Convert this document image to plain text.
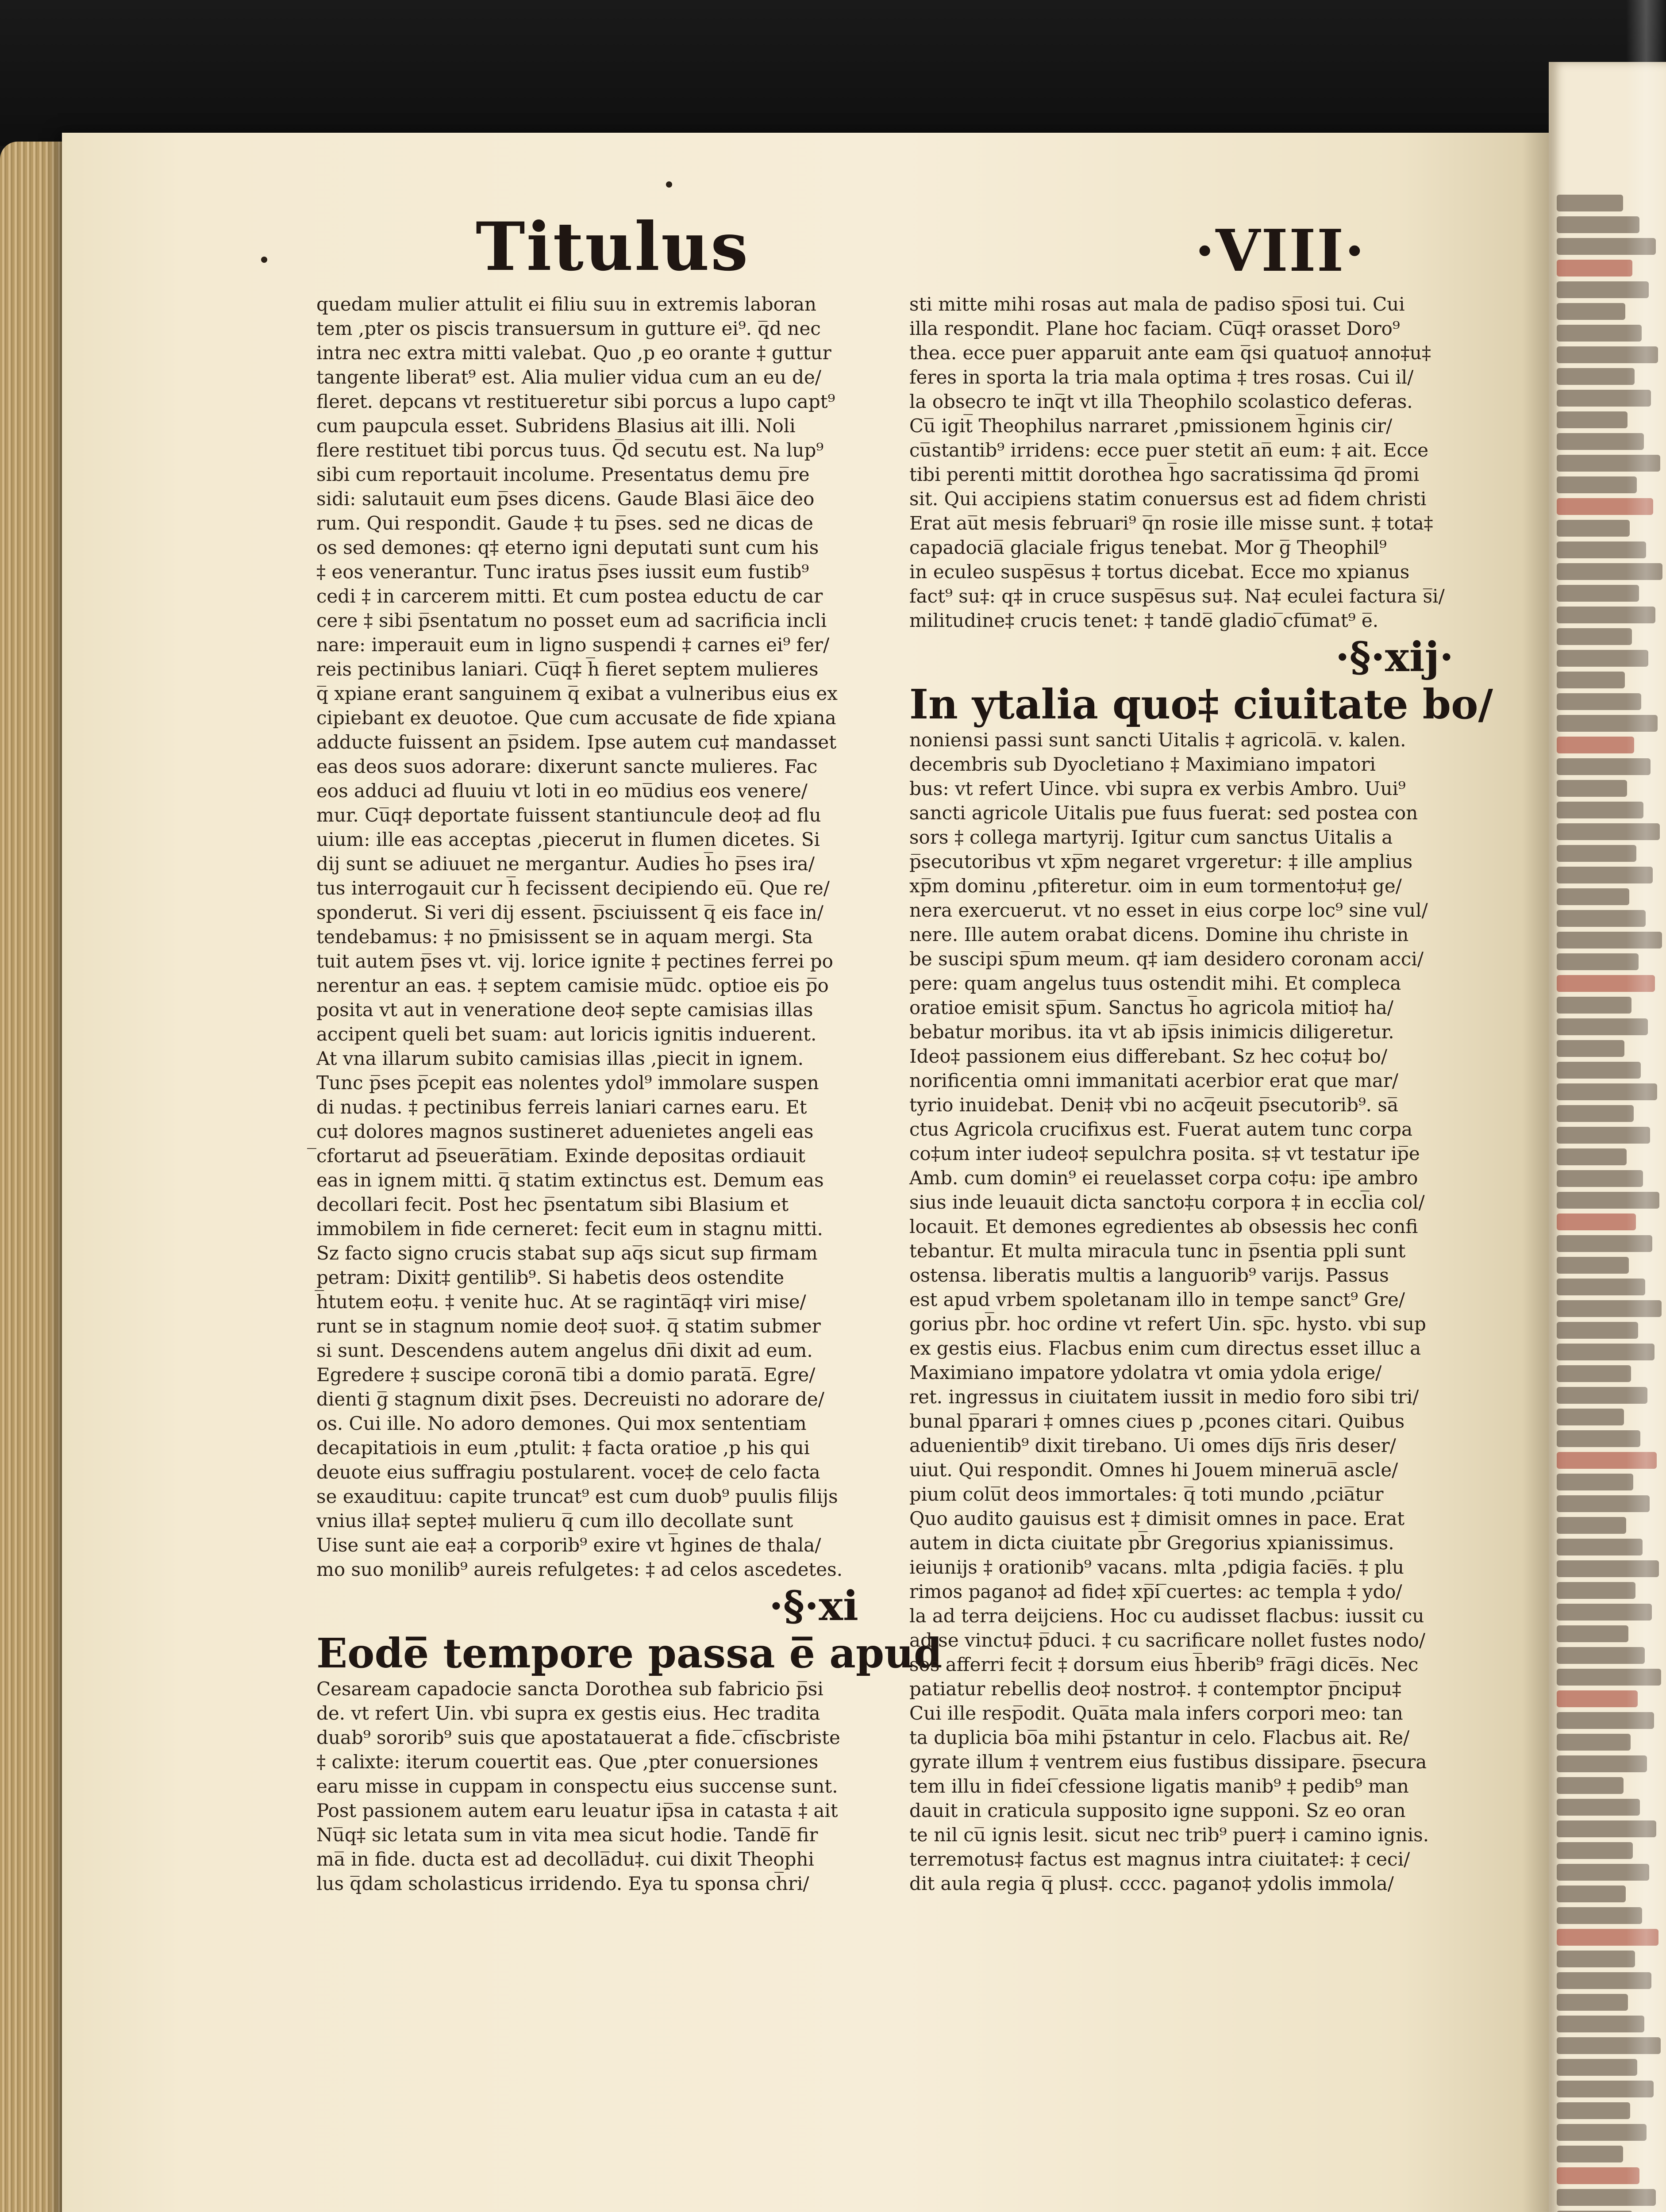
Titulus	·VIII·
quedam mulier attulit ei filiu suu in extremis laboran
tem ,pter os piscis transuersum in gutture ei⁹. q̅d nec
intra nec extra mitti valebat. Quo ,p eo orante ‡ guttur
tangente liberat⁹ est. Alia mulier vidua cum an eu de/
fleret. depcans vt restitueretur sibi porcus a lupo capt⁹
cum paupcula esset. Subridens Blasius ait illi. Noli
flere restituet tibi porcus tuus. Q̅d secutu est. Na lup⁹
sibi cum reportauit incolume. Presentatus demu p̅re
sidi: salutauit eum p̅ses dicens. Gaude Blasi a̅ice deo
rum. Qui respondit. Gaude ‡ tu p̅ses. sed ne dicas de
os sed demones: q‡ eterno igni deputati sunt cum his
‡ eos venerantur. Tunc iratus p̅ses iussit eum fustib⁹
cedi ‡ in carcerem mitti. Et cum postea eductu de car
cere ‡ sibi p̅sentatum no posset eum ad sacrificia incli
nare: imperauit eum in ligno suspendi ‡ carnes ei⁹ fer/
reis pectinibus laniari. Cu̅q‡ h̅ fieret septem mulieres
q̅ xpiane erant sanguinem q̅ exibat a vulneribus eius ex
cipiebant ex deuotoe. Que cum accusate de fide xpiana
adducte fuissent an p̅sidem. Ipse autem cu‡ mandasset
eas deos suos adorare: dixerunt sancte mulieres. Fac
eos adduci ad fluuiu vt loti in eo mu̅dius eos venere/
mur. Cu̅q‡ deportate fuissent stantiuncule deo‡ ad flu
uium: ille eas acceptas ,piecerut in flumen dicetes. Si
dij sunt se adiuuet ne mergantur. Audies h̅o p̅ses ira/
tus interrogauit cur h̅ fecissent decipiendo eu̅. Que re/
sponderut. Si veri dij essent. p̅sciuissent q̅ eis face in/
tendebamus: ‡ no p̅misissent se in aquam mergi. Sta
tuit autem p̅ses vt. vij. lorice ignite ‡ pectines ferrei po
nerentur an eas. ‡ septem camisie mu̅dc. optioe eis p̅o
posita vt aut in veneratione deo‡ septe camisias illas
accipent queli bet suam: aut loricis ignitis induerent.
At vna illarum subito camisias illas ,piecit in ignem.
Tunc p̅ses p̅cepit eas nolentes ydol⁹ immolare suspen
di nudas. ‡ pectinibus ferreis laniari carnes earu. Et
cu‡ dolores magnos sustineret aduenietes angeli eas
̅cfortarut ad p̅seuera̅tiam. Exinde depositas ordiauit
eas in ignem mitti. q̅ statim extinctus est. Demum eas
decollari fecit. Post hec p̅sentatum sibi Blasium et
immobilem in fide cerneret: fecit eum in stagnu mitti.
Sz facto signo crucis stabat sup aq̅s sicut sup firmam
petram: Dixit‡ gentilib⁹. Si habetis deos ostendite
h̅tutem eo‡u. ‡ venite huc. At se raginta̅q‡ viri mise/
runt se in stagnum nomie deo‡ suo‡. q̅ statim submer
si sunt. Descendens autem angelus dn̅i dixit ad eum.
Egredere ‡ suscipe corona̅ tibi a domio parata̅. Egre/
dienti g̅ stagnum dixit p̅ses. Decreuisti no adorare de/
os. Cui ille. No adoro demones. Qui mox sententiam
decapitatiois in eum ,ptulit: ‡ facta oratioe ,p his qui
deuote eius suffragiu postularent. voce‡ de celo facta
se exaudituu: capite truncat⁹ est cum duob⁹ puulis filijs
vnius illa‡ septe‡ mulieru q̅ cum illo decollate sunt
Uise sunt aie ea‡ a corporib⁹ exire vt h̅gines de thala/
mo suo monilib⁹ aureis refulgetes: ‡ ad celos ascedetes.
·§·xi
Eode̅ tempore passa e̅ apud
Cesaream capadocie sancta Dorothea sub fabricio p̅si
de. vt refert Uin. vbi supra ex gestis eius. Hec tradita
duab⁹ sororib⁹ suis que apostatauerat a fide. ̅cfi̅scbriste
‡ calixte: iterum couertit eas. Que ,pter conuersiones
earu misse in cuppam in conspectu eius succense sunt.
Post passionem autem earu leuatur ip̅sa in catasta ‡ ait
Nu̅q‡ sic letata sum in vita mea sicut hodie. Tande̅ fir
ma̅ in fide. ducta est ad decolla̅du‡. cui dixit Theophi
lus q̅dam scholasticus irridendo. Eya tu sponsa ch̅ri/
sti mitte mihi rosas aut mala de padiso sp̅osi tui. Cui
illa respondit. Plane hoc faciam. Cu̅q‡ orasset Doro⁹
thea. ecce puer apparuit ante eam q̅si quatuo‡ anno‡u‡
feres in sporta la tria mala optima ‡ tres rosas. Cui il/
la obsecro te inq̅t vt illa Theophilo scolastico deferas.
Cu̅ igit̅ Theophilus narraret ,pmissionem h̅ginis cir/
cu̅stantib⁹ irridens: ecce puer stetit an̅ eum: ‡ ait. Ecce
tibi perenti mittit dorothea h̅go sacratissima q̅d p̅romi
sit. Qui accipiens statim conuersus est ad fidem christi
Erat au̅t mesis februari⁹ q̅n rosie ille misse sunt. ‡ tota‡
capadocia̅ glaciale frigus tenebat. Mor g̅ Theophil⁹
in eculeo suspe̅sus ‡ tortus dicebat. Ecce mo xpianus
fact⁹ su‡: q‡ in cruce suspe̅sus su‡. Na‡ eculei factura s̅i/
militudine‡ crucis tenet: ‡ tande̅ gladio ̅cfu̅mat⁹ e̅.
·§·xij·
In ytalia quo‡ ciuitate bo/
noniensi passi sunt sancti Uitalis ‡ agricola̅. v. kalen.
decembris sub Dyocletiano ‡ Maximiano impatori
bus: vt refert Uince. vbi supra ex verbis Ambro. Uui⁹
sancti agricole Uitalis pue fuus fuerat: sed postea con
sors ‡ collega martyrij. Igitur cum sanctus Uitalis a
p̅secutoribus vt xp̅m negaret vrgeretur: ‡ ille amplius
xp̅m dominu ,pfiteretur. oim in eum tormento‡u‡ ge/
nera exercuerut. vt no esset in eius corpe loc⁹ sine vul/
nere. Ille autem orabat dicens. Domine ihu christe in
be suscipi sp̅um meum. q‡ iam desidero coronam acci/
pere: quam angelus tuus ostendit mihi. Et compleca
oratioe emisit sp̅um. Sanctus h̅o agricola mitio‡ ha/
bebatur moribus. ita vt ab ip̅sis inimicis diligeretur.
Ideo‡ passionem eius differebant. Sz hec co‡u‡ bo/
norificentia omni immanitati acerbior erat que mar/
tyrio inuidebat. Deni‡ vbi no acq̅euit p̅secutorib⁹. sa̅
ctus Agricola crucifixus est. Fuerat autem tunc corpa
co‡um inter iudeo‡ sepulchra posita. s‡ vt testatur ip̅e
Amb. cum domin⁹ ei reuelasset corpa co‡u: ip̅e ambro
sius inde leuauit dicta sancto‡u corpora ‡ in eccl̅ia col/
locauit. Et demones egredientes ab obsessis hec confi
tebantur. Et multa miracula tunc in p̅sentia ppli sunt
ostensa. liberatis multis a languorib⁹ varijs. Passus
est apud vrbem spoletanam illo in tempe sanct⁹ Gre/
gorius pb̅r. hoc ordine vt refert Uin. sp̅c. hysto. vbi sup
ex gestis eius. Flacbus enim cum directus esset illuc a
Maximiano impatore ydolatra vt omia ydola erige/
ret. ingressus in ciuitatem iussit in medio foro sibi tri/
bunal p̅parari ‡ omnes ciues p ,pcones citari. Quibus
aduenientib⁹ dixit tirebano. Ui omes dij̅s n̅ris deser/
uiut. Qui respondit. Omnes hi Jouem minerua̅ ascle/
pium colu̅t deos immortales: q̅ toti mundo ,pcia̅tur
Quo audito gauisus est ‡ dimisit omnes in pace. Erat
autem in dicta ciuitate pb̅r Gregorius xpianissimus.
ieiunijs ‡ orationib⁹ vacans. mlta ,pdigia facie̅s. ‡ plu
rimos pagano‡ ad fide‡ xp̅i ̅cuertes: ac templa ‡ ydo/
la ad terra deijciens. Hoc cu audisset flacbus: iussit cu
ad se vinctu‡ p̅duci. ‡ cu sacrificare nollet fustes nodo/
sos afferri fecit ‡ dorsum eius h̅berib⁹ fra̅gi dice̅s. Nec
patiatur rebellis deo‡ nostro‡. ‡ contemptor p̅ncipu‡
Cui ille resp̅odit. Qua̅ta mala infers corpori meo: tan
ta duplicia bo̅a mihi p̅stantur in celo. Flacbus ait. Re/
gyrate illum ‡ ventrem eius fustibus dissipare. p̅secura
tem illu in fidei ̅cfessione ligatis manib⁹ ‡ pedib⁹ man
dauit in craticula supposito igne supponi. Sz eo oran
te nil cu̅ ignis lesit. sicut nec trib⁹ puer‡ i camino ignis.
terremotus‡ factus est magnus intra ciuitate‡: ‡ ceci/
dit aula regia q̅ plus‡. cccc. pagano‡ ydolis immola/
